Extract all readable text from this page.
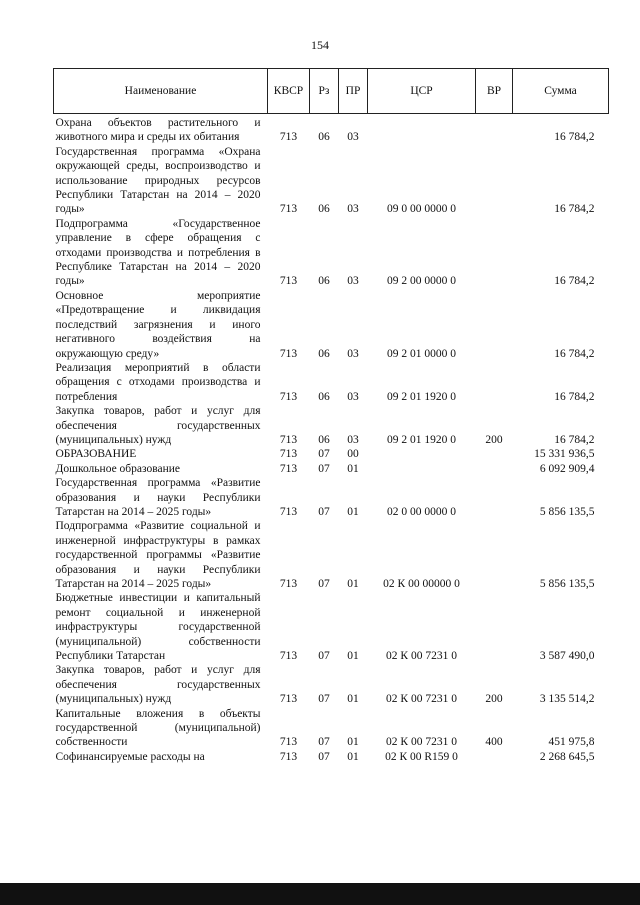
154
Наименование	КВСР	Рз	ПР	ЦСР	ВР	Сумма
Охрана объектов растительного и животного мира и среды их обитания	713	06	03			16 784,2
Государственная программа «Охрана окружающей среды, воспроизводство и использование природных ресурсов Республики Татарстан на 2014 – 2020 годы»	713	06	03	09 0 00 0000 0		16 784,2
Подпрограмма «Государственное управление в сфере обращения с отходами производства и потребления в Республике Татарстан на 2014 – 2020 годы»	713	06	03	09 2 00 0000 0		16 784,2
Основное мероприятие «Предотвращение и ликвидация последствий загрязнения и иного негативного воздействия на окружающую среду»	713	06	03	09 2 01 0000 0		16 784,2
Реализация мероприятий в области обращения с отходами производства и потребления	713	06	03	09 2 01 1920 0		16 784,2
Закупка товаров, работ и услуг для обеспечения государственных (муниципальных) нужд	713	06	03	09 2 01 1920 0	200	16 784,2
ОБРАЗОВАНИЕ	713	07	00			15 331 936,5
Дошкольное образование	713	07	01			6 092 909,4
Государственная программа «Развитие образования и науки Республики Татарстан на 2014 – 2025 годы»	713	07	01	02 0 00 0000 0		5 856 135,5
Подпрограмма «Развитие социальной и инженерной инфраструктуры в рамках государственной программы «Развитие образования и науки Республики Татарстан на 2014 – 2025 годы»	713	07	01	02 К 00 00000 0		5 856 135,5
Бюджетные инвестиции и капитальный ремонт социальной и инженерной инфраструктуры государственной (муниципальной) собственности Республики Татарстан	713	07	01	02 К 00 7231 0		3 587 490,0
Закупка товаров, работ и услуг для обеспечения государственных (муниципальных) нужд	713	07	01	02 К 00 7231 0	200	3 135 514,2
Капитальные вложения в объекты государственной (муниципальной) собственности	713	07	01	02 К 00 7231 0	400	451 975,8
Софинансируемые расходы на	713	07	01	02 К 00 R159 0		2 268 645,5
